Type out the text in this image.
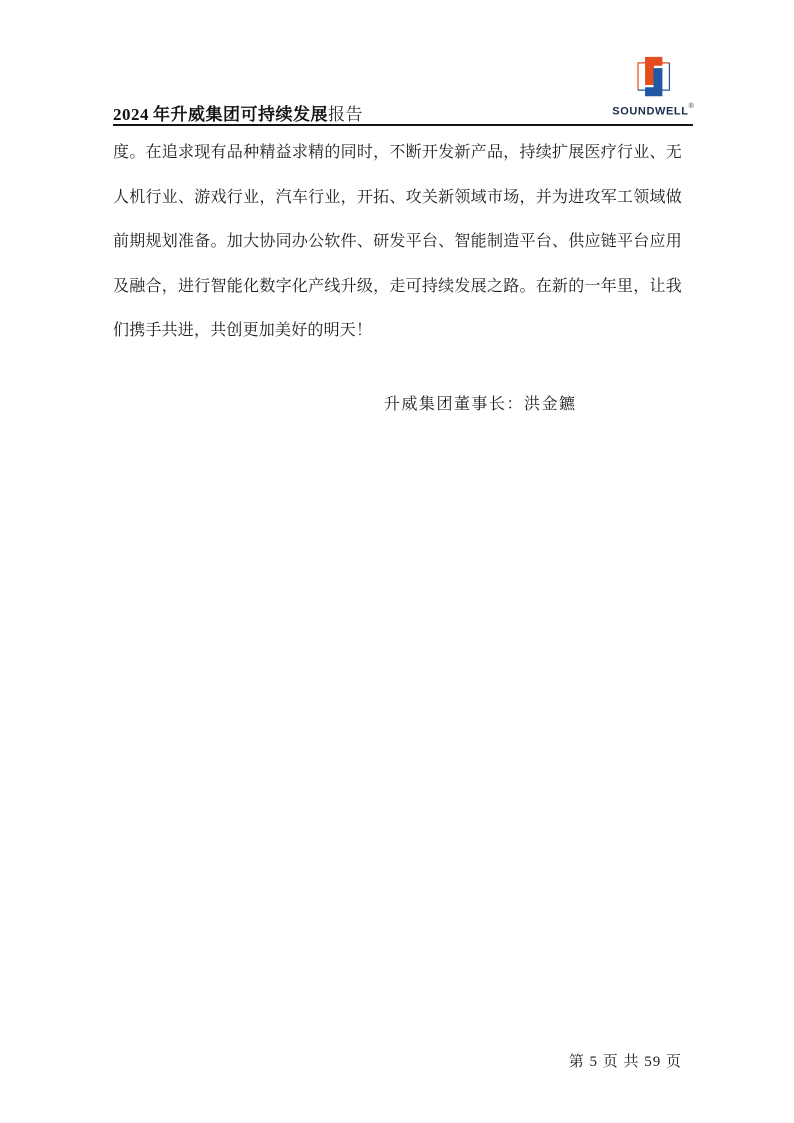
2024 年升威集团可持续发展报告	SOUNDWELL®
度。在追求现有品种精益求精的同时，不断开发新产品，持续扩展医疗行业、无
人机行业、游戏行业，汽车行业，开拓、攻关新领域市场，并为进攻军工领域做
前期规划准备。加大协同办公软件、研发平台、智能制造平台、供应链平台应用
及融合，进行智能化数字化产线升级，走可持续发展之路。在新的一年里，让我
们携手共进，共创更加美好的明天！
升威集团董事长：洪金鑣
第 5 页 共 59 页
